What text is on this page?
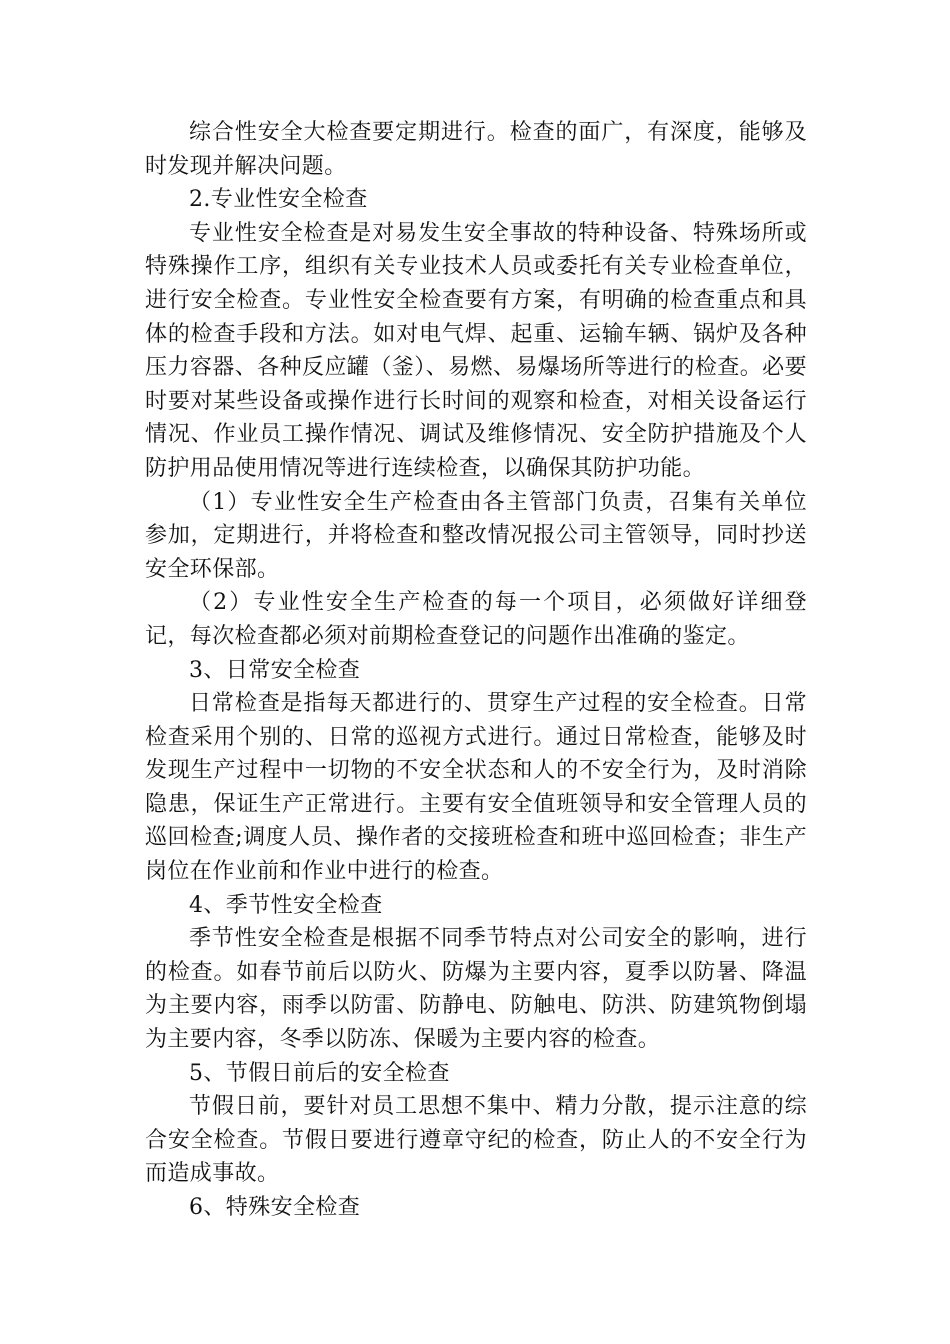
综合性安全大检查要定期进行。检查的面广，有深度，能够及时发现并解决问题。

2.专业性安全检查

专业性安全检查是对易发生安全事故的特种设备、特殊场所或特殊操作工序，组织有关专业技术人员或委托有关专业检查单位，进行安全检查。专业性安全检查要有方案，有明确的检查重点和具体的检查手段和方法。如对电气焊、起重、运输车辆、锅炉及各种压力容器、各种反应罐（釜）、易燃、易爆场所等进行的检查。必要时要对某些设备或操作进行长时间的观察和检查，对相关设备运行情况、作业员工操作情况、调试及维修情况、安全防护措施及个人防护用品使用情况等进行连续检查，以确保其防护功能。

（1）专业性安全生产检查由各主管部门负责，召集有关单位参加，定期进行，并将检查和整改情况报公司主管领导，同时抄送安全环保部。

（2）专业性安全生产检查的每一个项目，必须做好详细登记，每次检查都必须对前期检查登记的问题作出准确的鉴定。

3、日常安全检查

日常检查是指每天都进行的、贯穿生产过程的安全检查。日常检查采用个别的、日常的巡视方式进行。通过日常检查，能够及时发现生产过程中一切物的不安全状态和人的不安全行为，及时消除隐患，保证生产正常进行。主要有安全值班领导和安全管理人员的巡回检查;调度人员、操作者的交接班检查和班中巡回检查；非生产岗位在作业前和作业中进行的检查。

4、季节性安全检查

季节性安全检查是根据不同季节特点对公司安全的影响，进行的检查。如春节前后以防火、防爆为主要内容，夏季以防暑、降温为主要内容，雨季以防雷、防静电、防触电、防洪、防建筑物倒塌为主要内容，冬季以防冻、保暖为主要内容的检查。

5、节假日前后的安全检查

节假日前，要针对员工思想不集中、精力分散，提示注意的综合安全检查。节假日要进行遵章守纪的检查，防止人的不安全行为而造成事故。

6、特殊安全检查
